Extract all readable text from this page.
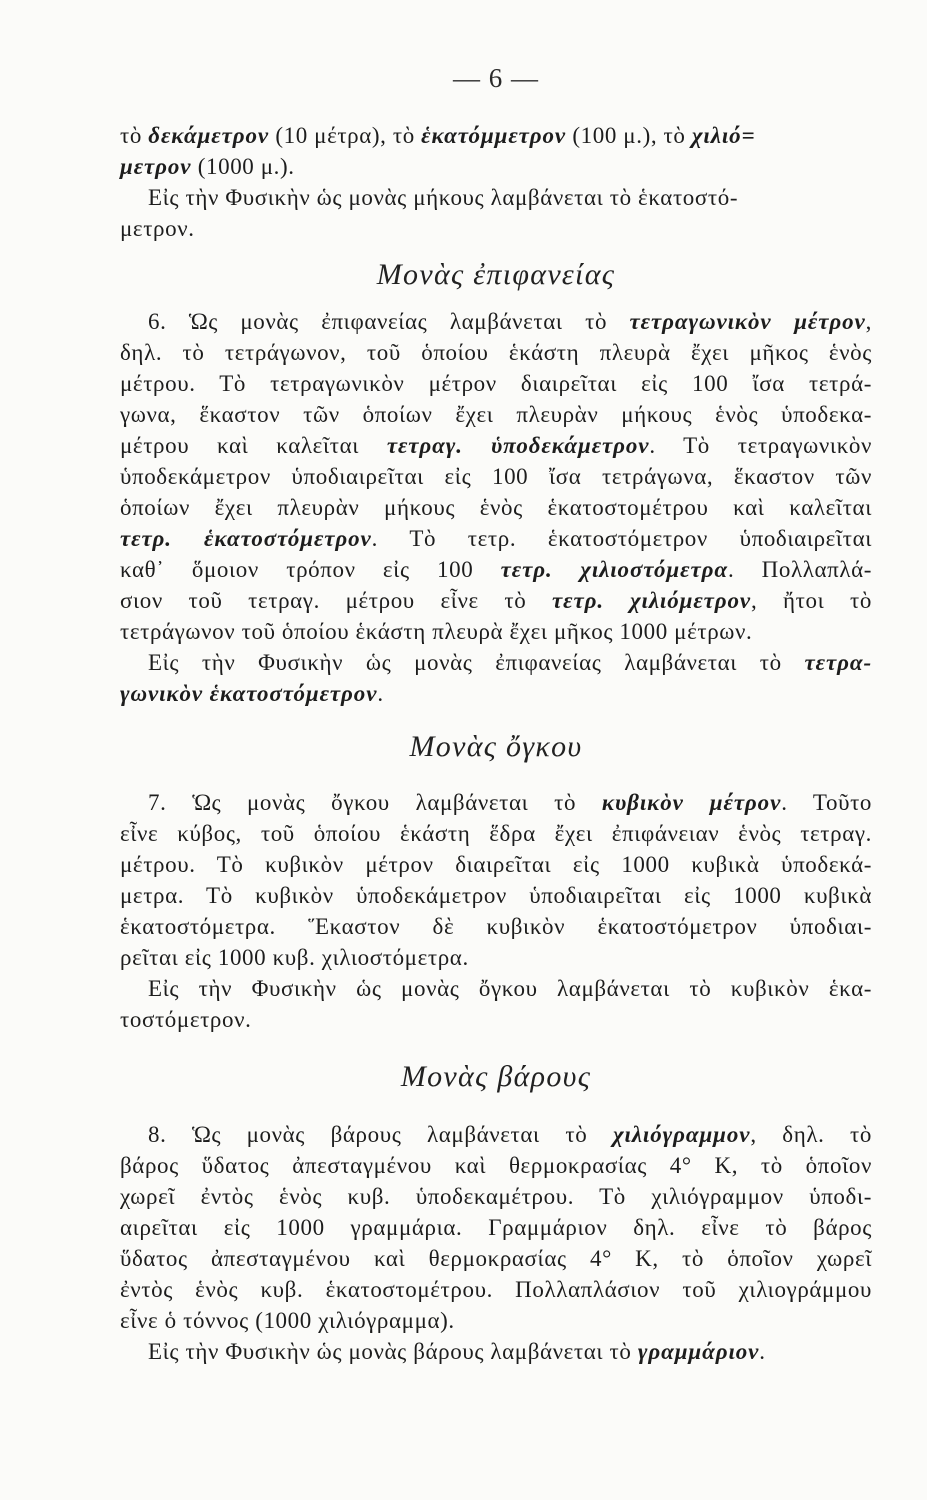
— 6 —
τὸ δεκάμετρον (10 μέτρα), τὸ ἑκατόμμετρον (100 μ.), τὸ χιλιό=
μετρον (1000 μ.).
Εἰς τὴν Φυσικὴν ὡς μονὰς μήκους λαμβάνεται τὸ ἑκατοστό-
μετρον.
Μονὰς ἐπιφανείας
6. Ὡς μονὰς ἐπιφανείας λαμβάνεται τὸ τετραγωνικὸν μέτρον,
δηλ. τὸ τετράγωνον, τοῦ ὁποίου ἑκάστη πλευρὰ ἔχει μῆκος ἑνὸς
μέτρου. Τὸ τετραγωνικὸν μέτρον διαιρεῖται εἰς 100 ἴσα τετρά-
γωνα, ἕκαστον τῶν ὁποίων ἔχει πλευρὰν μήκους ἑνὸς ὑποδεκα-
μέτρου καὶ καλεῖται τετραγ. ὑποδεκάμετρον. Τὸ τετραγωνικὸν
ὑποδεκάμετρον ὑποδιαιρεῖται εἰς 100 ἴσα τετράγωνα, ἕκαστον τῶν
ὁποίων ἔχει πλευρὰν μήκους ἑνὸς ἑκατοστομέτρου καὶ καλεῖται
τετρ. ἑκατοστόμετρον. Τὸ τετρ. ἑκατοστόμετρον ὑποδιαιρεῖται
καθ᾽ ὅμοιον τρόπον εἰς 100 τετρ. χιλιοστόμετρα. Πολλαπλά-
σιον τοῦ τετραγ. μέτρου εἶνε τὸ τετρ. χιλιόμετρον, ἤτοι τὸ
τετράγωνον τοῦ ὁποίου ἑκάστη πλευρὰ ἔχει μῆκος 1000 μέτρων.
Εἰς τὴν Φυσικὴν ὡς μονὰς ἐπιφανείας λαμβάνεται τὸ τετρα-
γωνικὸν ἑκατοστόμετρον.
Μονὰς ὄγκου
7. Ὡς μονὰς ὄγκου λαμβάνεται τὸ κυβικὸν μέτρον. Τοῦτο
εἶνε κύβος, τοῦ ὁποίου ἑκάστη ἕδρα ἔχει ἐπιφάνειαν ἑνὸς τετραγ.
μέτρου. Τὸ κυβικὸν μέτρον διαιρεῖται εἰς 1000 κυβικὰ ὑποδεκά-
μετρα. Τὸ κυβικὸν ὑποδεκάμετρον ὑποδιαιρεῖται εἰς 1000 κυβικὰ
ἑκατοστόμετρα. Ἕκαστον δὲ κυβικὸν ἑκατοστόμετρον ὑποδιαι-
ρεῖται εἰς 1000 κυβ. χιλιοστόμετρα.
Εἰς τὴν Φυσικὴν ὡς μονὰς ὄγκου λαμβάνεται τὸ κυβικὸν ἑκα-
τοστόμετρον.
Μονὰς βάρους
8. Ὡς μονὰς βάρους λαμβάνεται τὸ χιλιόγραμμον, δηλ. τὸ
βάρος ὕδατος ἀπεσταγμένου καὶ θερμοκρασίας 4° Κ, τὸ ὁποῖον
χωρεῖ ἐντὸς ἑνὸς κυβ. ὑποδεκαμέτρου. Τὸ χιλιόγραμμον ὑποδι-
αιρεῖται εἰς 1000 γραμμάρια. Γραμμάριον δηλ. εἶνε τὸ βάρος
ὕδατος ἀπεσταγμένου καὶ θερμοκρασίας 4° Κ, τὸ ὁποῖον χωρεῖ
ἐντὸς ἑνὸς κυβ. ἑκατοστομέτρου. Πολλαπλάσιον τοῦ χιλιογράμμου
εἶνε ὁ τόννος (1000 χιλιόγραμμα).
Εἰς τὴν Φυσικὴν ὡς μονὰς βάρους λαμβάνεται τὸ γραμμάριον.
